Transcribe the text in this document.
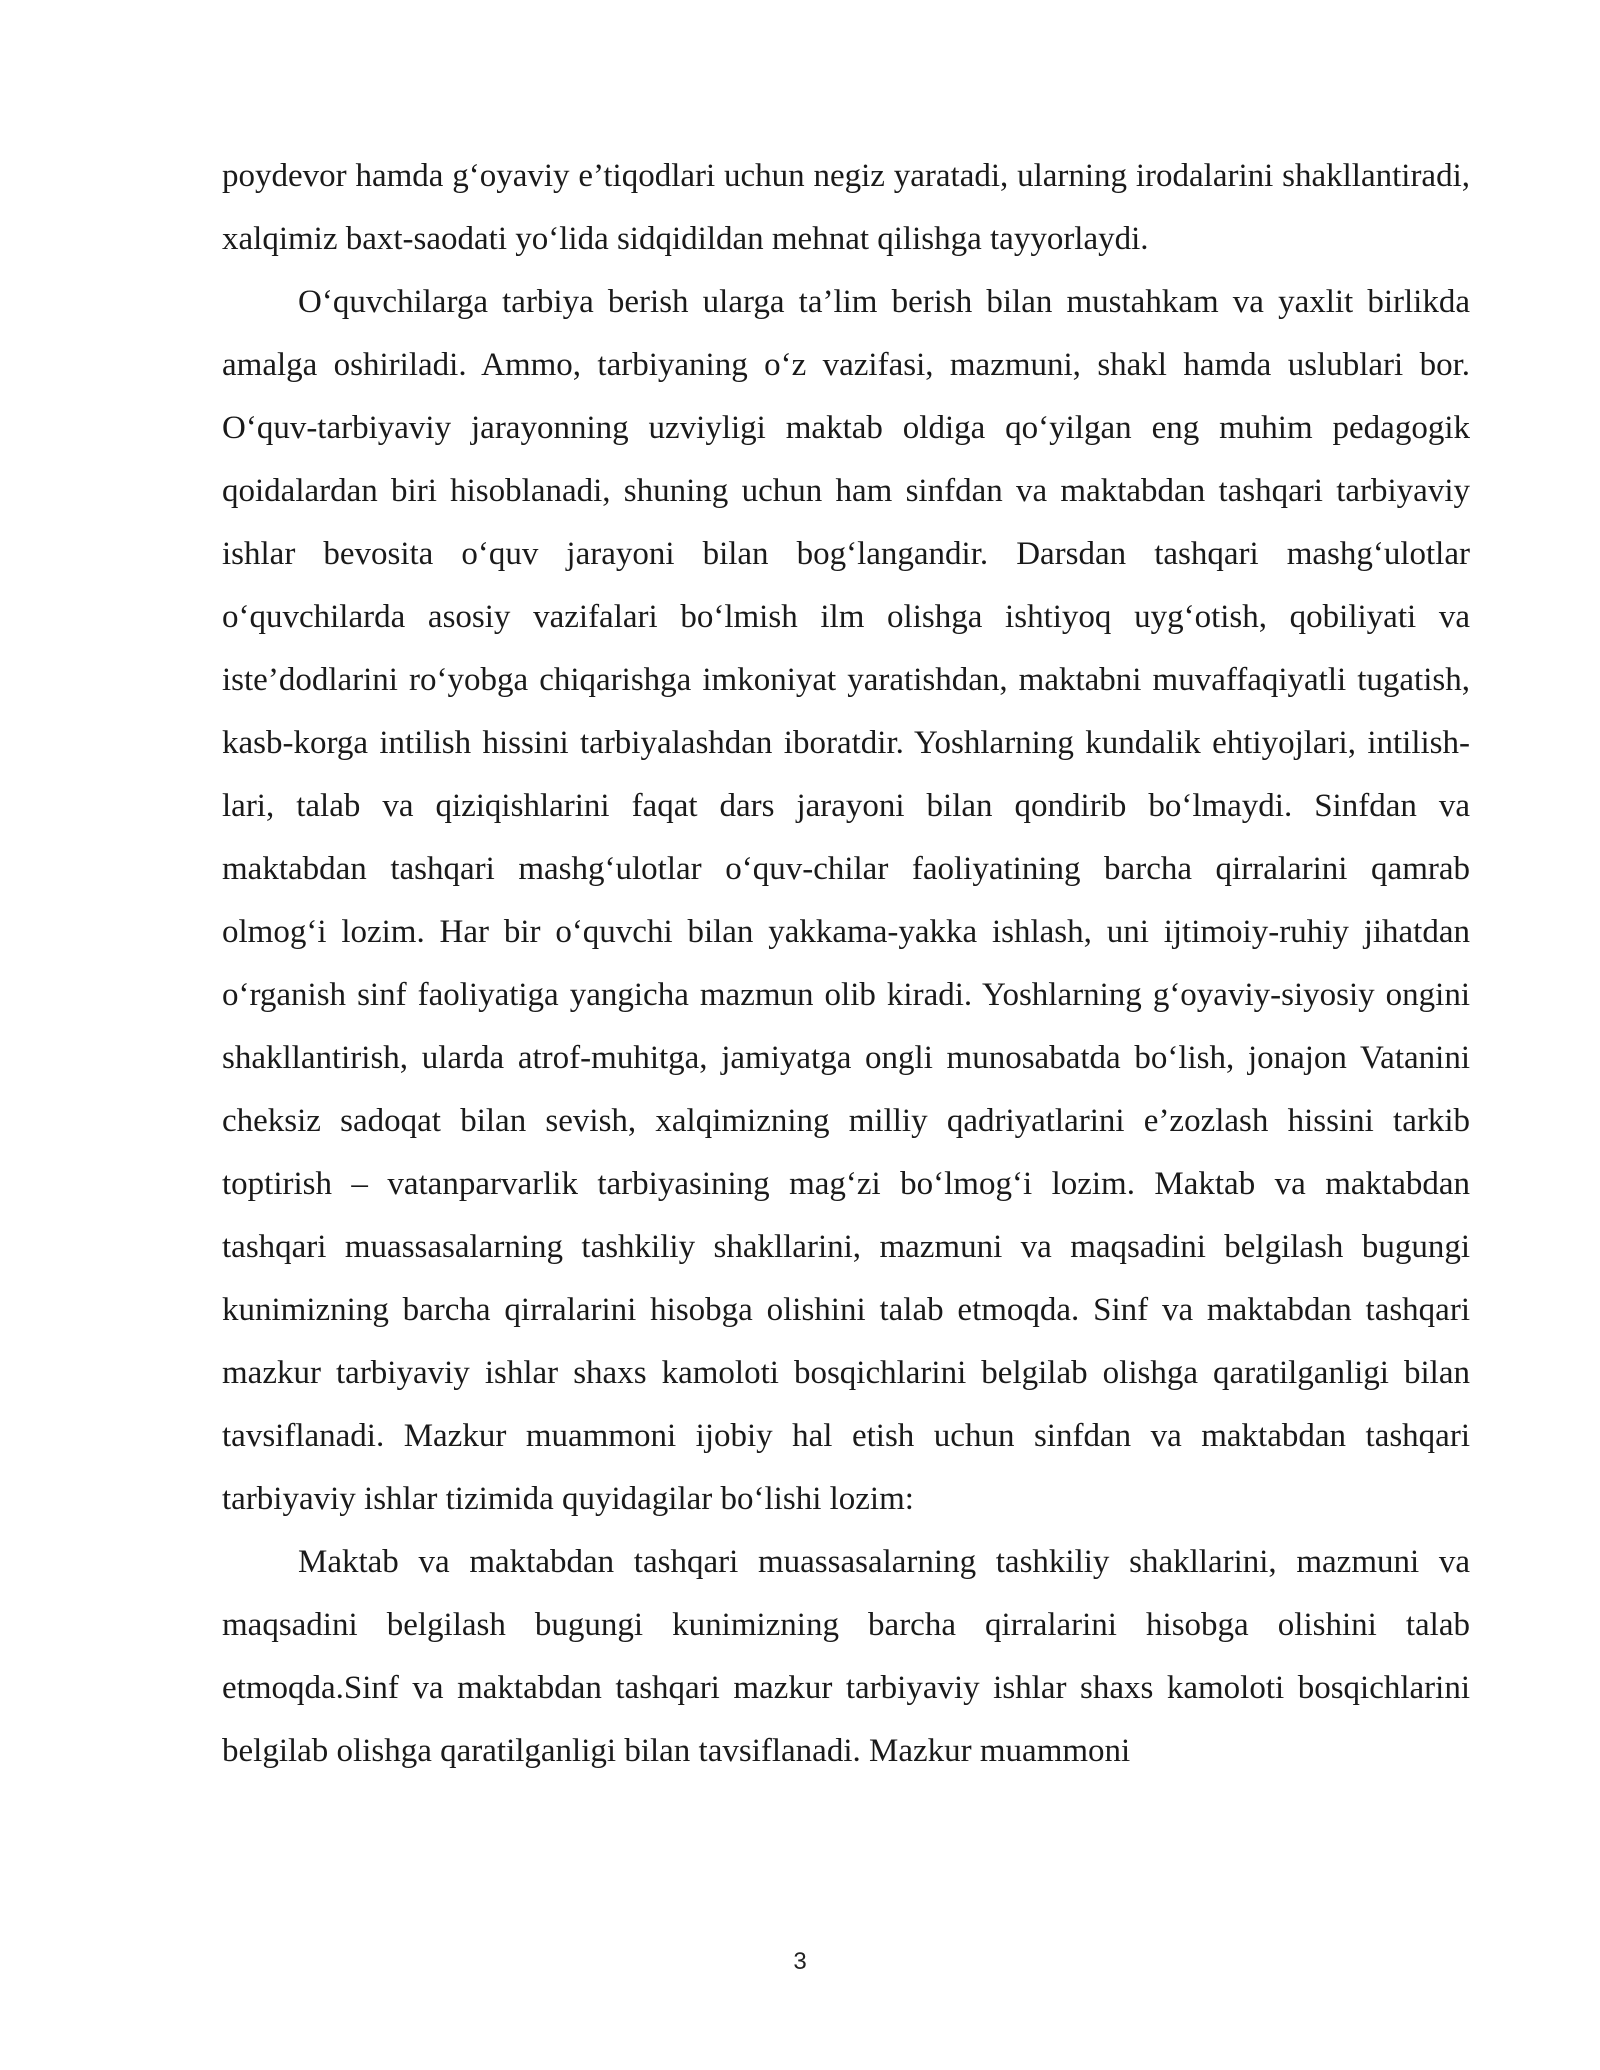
poydevor hamda g‘oyaviy e’tiqodlari uchun negiz yaratadi, ularning irodalarini shakllantiradi, xalqimiz baxt-saodati yo‘lida sidqidildan mehnat qilishga tayyorlaydi.

O‘quvchilarga tarbiya berish ularga ta’lim berish bilan mustahkam va yaxlit birlikda amalga oshiriladi. Ammo, tarbiyaning o‘z vazifasi, mazmuni, shakl hamda uslublari bor. O‘quv-tarbiyaviy jarayonning uzviyligi maktab oldiga qo‘yilgan eng muhim pedagogik qoidalardan biri hisoblanadi, shuning uchun ham sinfdan va maktabdan tashqari tarbiyaviy ishlar bevosita o‘quv jarayoni bilan bog‘langandir. Darsdan tashqari mashg‘ulotlar o‘quvchilarda asosiy vazifalari bo‘lmish ilm olishga ishtiyoq uyg‘otish, qobiliyati va iste’dodlarini ro‘yobga chiqarishga imkoniyat yaratishdan, maktabni muvaffaqiyatli tugatish, kasb-korga intilish hissini tarbiyalashdan iboratdir. Yoshlarning kundalik ehtiyojlari, intilish-lari, talab va qiziqishlarini faqat dars jarayoni bilan qondirib bo‘lmaydi. Sinfdan va maktabdan tashqari mashg‘ulotlar o‘quv-chilar faoliyatining barcha qirralarini qamrab olmog‘i lozim. Har bir o‘quvchi bilan yakkama-yakka ishlash, uni ijtimoiy-ruhiy jihatdan o‘rganish sinf faoliyatiga yangicha mazmun olib kiradi. Yoshlarning g‘oyaviy-siyosiy ongini shakllantirish, ularda atrof-muhitga, jamiyatga ongli munosabatda bo‘lish, jonajon Vatanini cheksiz sadoqat bilan sevish, xalqimizning milliy qadriyatlarini e’zozlash hissini tarkib toptirish – vatanparvarlik tarbiyasining mag‘zi bo‘lmog‘i lozim. Maktab va maktabdan tashqari muassasalarning tashkiliy shakllarini, mazmuni va maqsadini belgilash bugungi kunimizning barcha qirralarini hisobga olishini talab etmoqda. Sinf va maktabdan tashqari mazkur tarbiyaviy ishlar shaxs kamoloti bosqichlarini belgilab olishga qaratilganligi bilan tavsiflanadi. Mazkur muammoni ijobiy hal etish uchun sinfdan va maktabdan tashqari tarbiyaviy ishlar tizimida quyidagilar bo‘lishi lozim:

Maktab va maktabdan tashqari muassasalarning tashkiliy shakllarini, mazmuni va maqsadini belgilash bugungi kunimizning barcha qirralarini hisobga olishini talab etmoqda.Sinf va maktabdan tashqari mazkur tarbiyaviy ishlar shaxs kamoloti bosqichlarini belgilab olishga qaratilganligi bilan tavsiflanadi. Mazkur muammoni

3
